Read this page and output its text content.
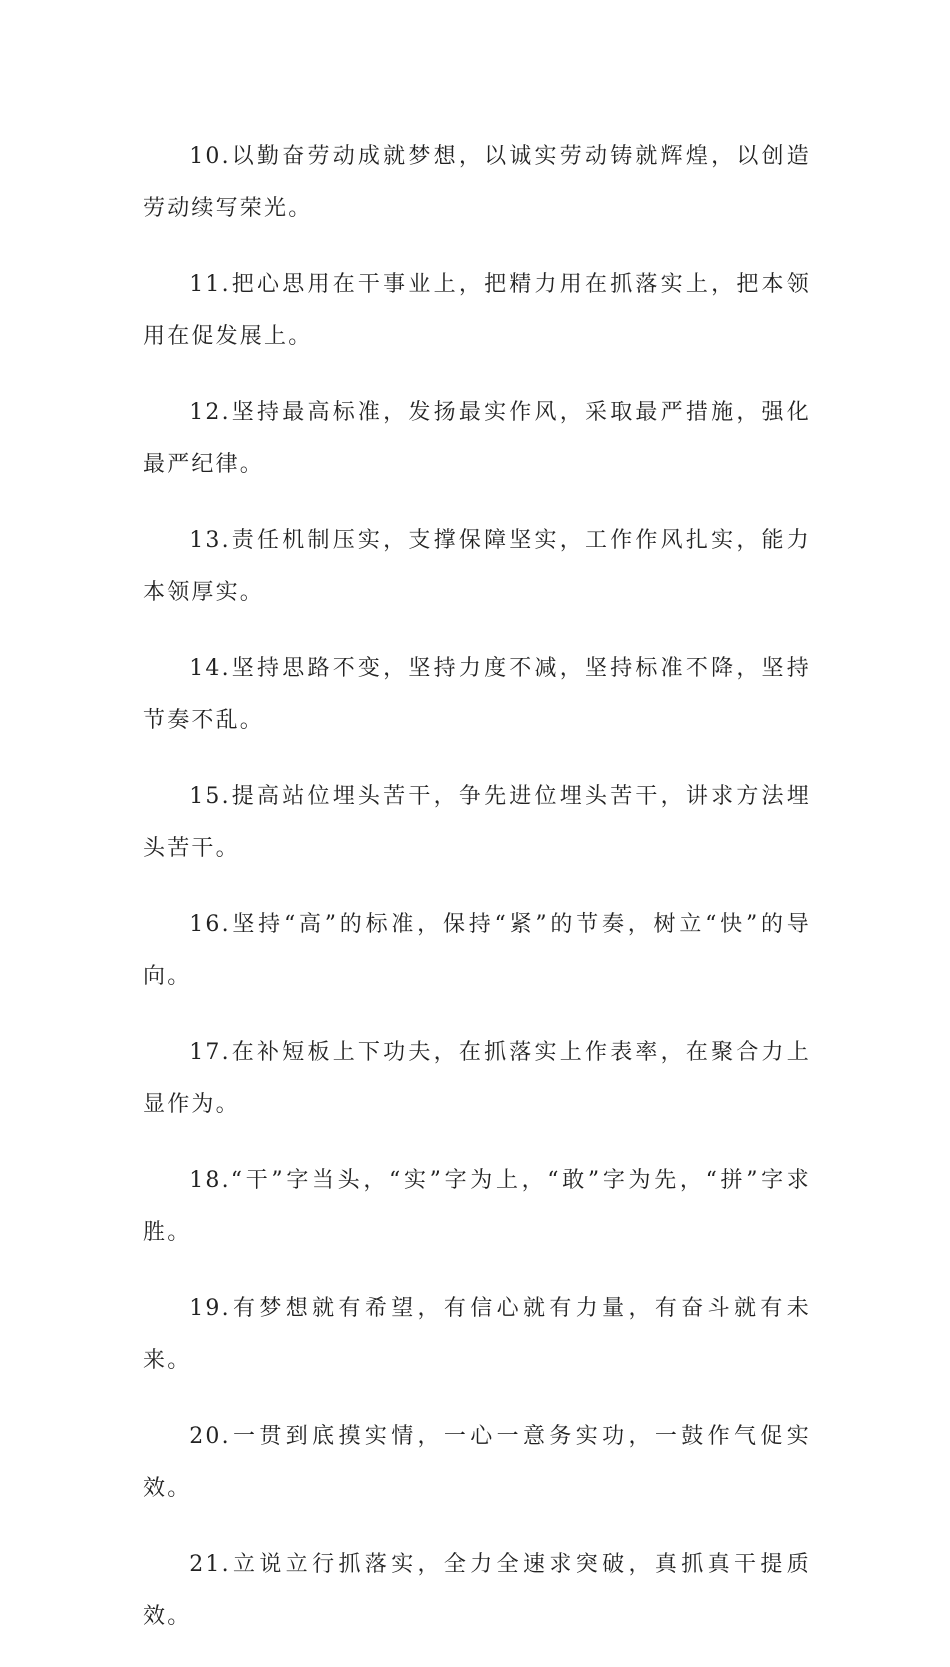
10.以勤奋劳动成就梦想，以诚实劳动铸就辉煌，以创造劳动续写荣光。

11.把心思用在干事业上，把精力用在抓落实上，把本领用在促发展上。

12.坚持最高标准，发扬最实作风，采取最严措施，强化最严纪律。

13.责任机制压实，支撑保障坚实，工作作风扎实，能力本领厚实。

14.坚持思路不变，坚持力度不减，坚持标准不降，坚持节奏不乱。

15.提高站位埋头苦干，争先进位埋头苦干，讲求方法埋头苦干。

16.坚持“高”的标准，保持“紧”的节奏，树立“快”的导向。

17.在补短板上下功夫，在抓落实上作表率，在聚合力上显作为。

18.“干”字当头，“实”字为上，“敢”字为先，“拼”字求胜。

19.有梦想就有希望，有信心就有力量，有奋斗就有未来。

20.一贯到底摸实情，一心一意务实功，一鼓作气促实效。

21.立说立行抓落实，全力全速求突破，真抓真干提质效。
